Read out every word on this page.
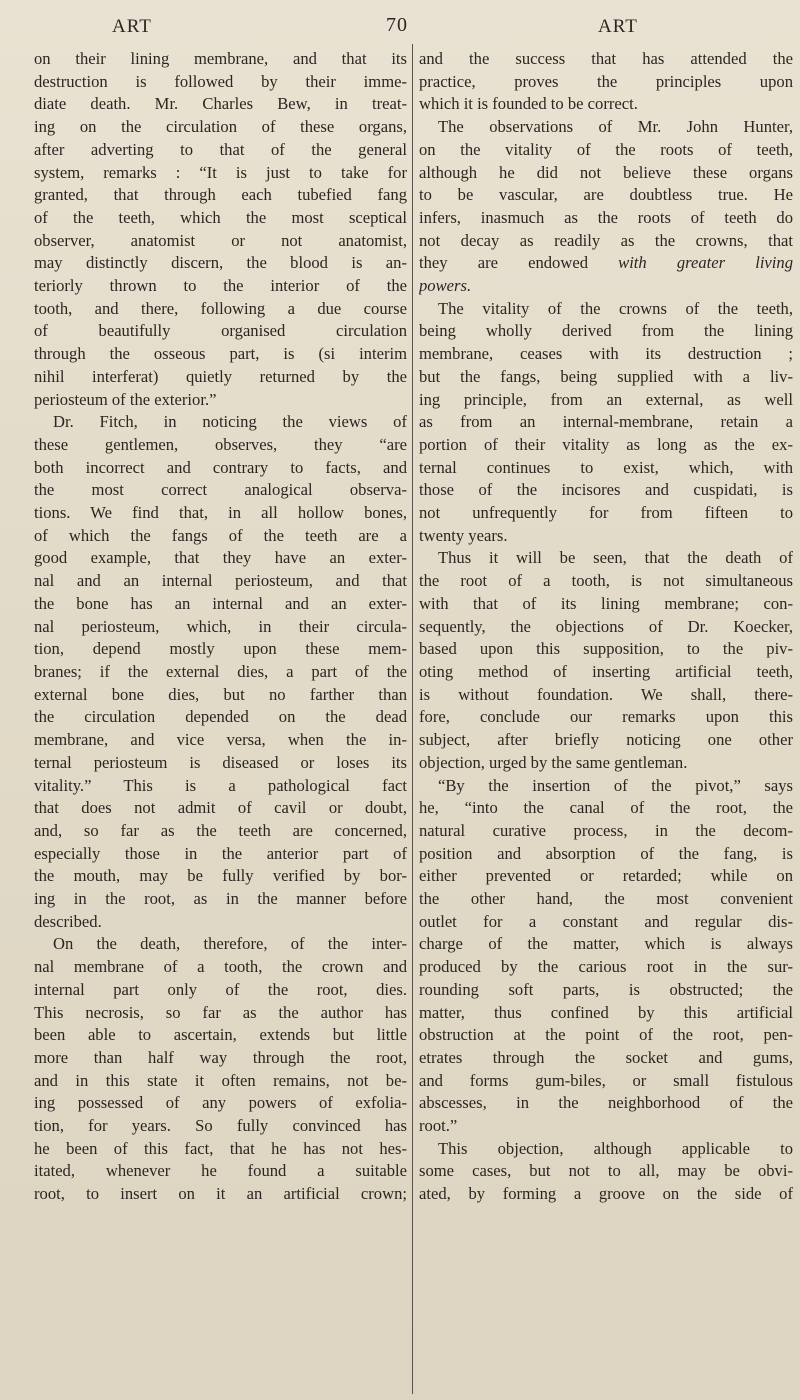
ART	70	ART

on their lining membrane, and that its
destruction is followed by their imme-
diate death. Mr. Charles Bew, in treat-
ing on the circulation of these organs,
after adverting to that of the general
system, remarks : “It is just to take for
granted, that through each tubefied fang
of the teeth, which the most sceptical
observer, anatomist or not anatomist,
may distinctly discern, the blood is an-
teriorly thrown to the interior of the
tooth, and there, following a due course
of beautifully organised circulation
through the osseous part, is (si interim
nihil interferat) quietly returned by the
periosteum of the exterior.”

Dr. Fitch, in noticing the views of
these gentlemen, observes, they “are
both incorrect and contrary to facts, and
the most correct analogical observa-
tions. We find that, in all hollow bones,
of which the fangs of the teeth are a
good example, that they have an exter-
nal and an internal periosteum, and that
the bone has an internal and an exter-
nal periosteum, which, in their circula-
tion, depend mostly upon these mem-
branes; if the external dies, a part of the
external bone dies, but no farther than
the circulation depended on the dead
membrane, and vice versa, when the in-
ternal periosteum is diseased or loses its
vitality.” This is a pathological fact
that does not admit of cavil or doubt,
and, so far as the teeth are concerned,
especially those in the anterior part of
the mouth, may be fully verified by bor-
ing in the root, as in the manner before
described.

On the death, therefore, of the inter-
nal membrane of a tooth, the crown and
internal part only of the root, dies.
This necrosis, so far as the author has
been able to ascertain, extends but little
more than half way through the root,
and in this state it often remains, not be-
ing possessed of any powers of exfolia-
tion, for years. So fully convinced has
he been of this fact, that he has not hes-
itated, whenever he found a suitable
root, to insert on it an artificial crown;

and the success that has attended the
practice, proves the principles upon
which it is founded to be correct.

The observations of Mr. John Hunter,
on the vitality of the roots of teeth,
although he did not believe these organs
to be vascular, are doubtless true. He
infers, inasmuch as the roots of teeth do
not decay as readily as the crowns, that
they are endowed with greater living
powers.

The vitality of the crowns of the teeth,
being wholly derived from the lining
membrane, ceases with its destruction ;
but the fangs, being supplied with a liv-
ing principle, from an external, as well
as from an internal-membrane, retain a
portion of their vitality as long as the ex-
ternal continues to exist, which, with
those of the incisores and cuspidati, is
not unfrequently for from fifteen to
twenty years.

Thus it will be seen, that the death of
the root of a tooth, is not simultaneous
with that of its lining membrane; con-
sequently, the objections of Dr. Koecker,
based upon this supposition, to the piv-
oting method of inserting artificial teeth,
is without foundation. We shall, there-
fore, conclude our remarks upon this
subject, after briefly noticing one other
objection, urged by the same gentleman.

“By the insertion of the pivot,” says
he, “into the canal of the root, the
natural curative process, in the decom-
position and absorption of the fang, is
either prevented or retarded; while on
the other hand, the most convenient
outlet for a constant and regular dis-
charge of the matter, which is always
produced by the carious root in the sur-
rounding soft parts, is obstructed; the
matter, thus confined by this artificial
obstruction at the point of the root, pen-
etrates through the socket and gums,
and forms gum-biles, or small fistulous
abscesses, in the neighborhood of the
root.”

This objection, although applicable to
some cases, but not to all, may be obvi-
ated, by forming a groove on the side of
